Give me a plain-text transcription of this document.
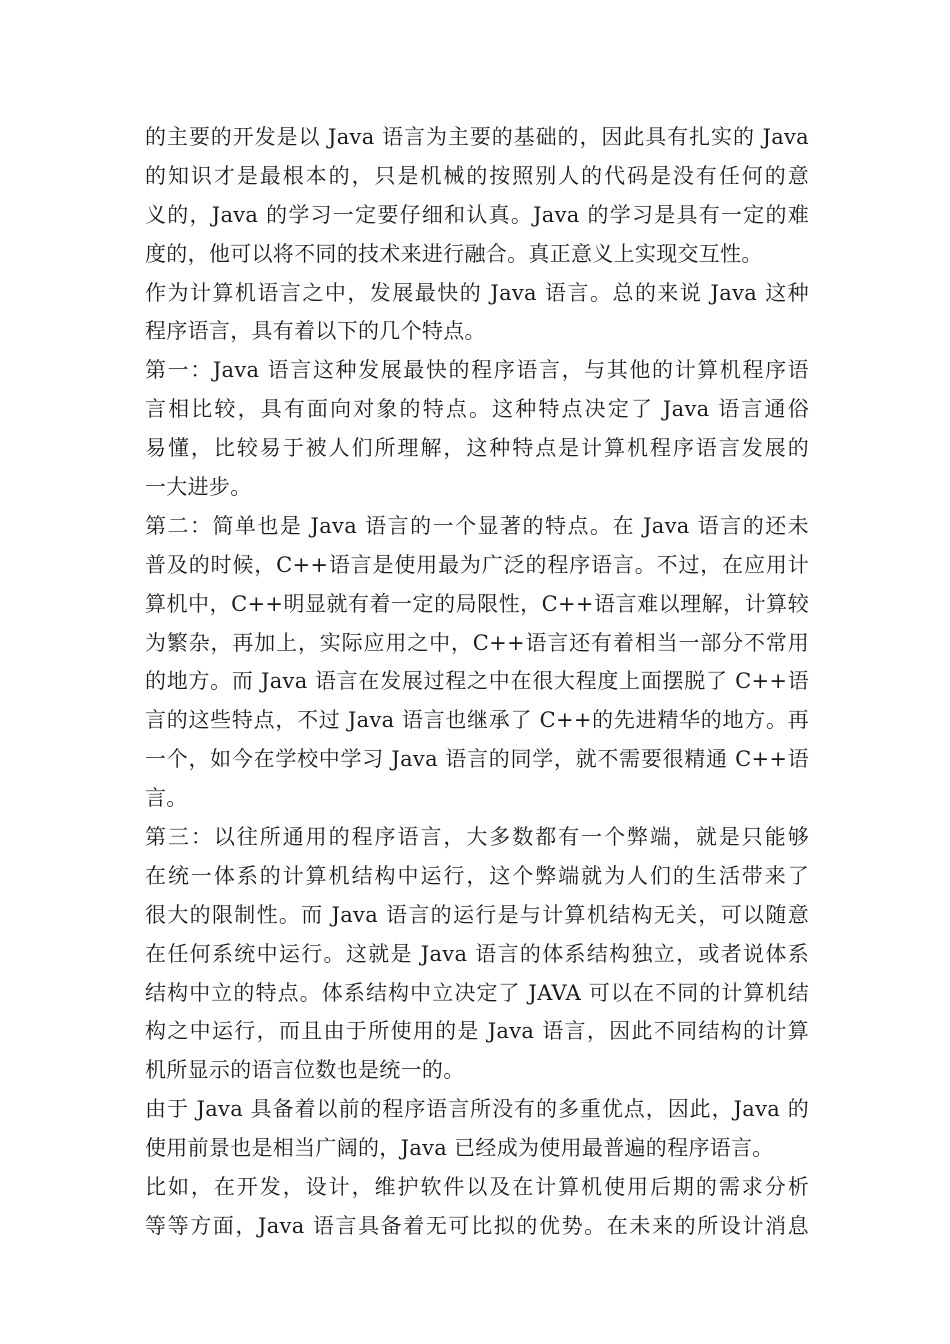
的主要的开发是以 Java 语言为主要的基础的，因此具有扎实的 Java
的知识才是最根本的，只是机械的按照别人的代码是没有任何的意
义的，Java 的学习一定要仔细和认真。Java 的学习是具有一定的难
度的，他可以将不同的技术来进行融合。真正意义上实现交互性。
作为计算机语言之中，发展最快的 Java 语言。总的来说 Java 这种
程序语言，具有着以下的几个特点。
第一：Java 语言这种发展最快的程序语言，与其他的计算机程序语
言相比较，具有面向对象的特点。这种特点决定了 Java 语言通俗
易懂，比较易于被人们所理解，这种特点是计算机程序语言发展的
一大进步。
第二：简单也是 Java 语言的一个显著的特点。在 Java 语言的还未
普及的时候，C++语言是使用最为广泛的程序语言。不过，在应用计
算机中，C++明显就有着一定的局限性，C++语言难以理解，计算较
为繁杂，再加上，实际应用之中，C++语言还有着相当一部分不常用
的地方。而 Java 语言在发展过程之中在很大程度上面摆脱了 C++语
言的这些特点，不过 Java 语言也继承了 C++的先进精华的地方。再
一个，如今在学校中学习 Java 语言的同学，就不需要很精通 C++语
言。
第三：以往所通用的程序语言，大多数都有一个弊端，就是只能够
在统一体系的计算机结构中运行，这个弊端就为人们的生活带来了
很大的限制性。而 Java 语言的运行是与计算机结构无关，可以随意
在任何系统中运行。这就是 Java 语言的体系结构独立，或者说体系
结构中立的特点。体系结构中立决定了 JAVA 可以在不同的计算机结
构之中运行，而且由于所使用的是 Java 语言，因此不同结构的计算
机所显示的语言位数也是统一的。
由于 Java 具备着以前的程序语言所没有的多重优点，因此，Java 的
使用前景也是相当广阔的，Java 已经成为使用最普遍的程序语言。
比如，在开发，设计，维护软件以及在计算机使用后期的需求分析
等等方面，Java 语言具备着无可比拟的优势。在未来的所设计消息
